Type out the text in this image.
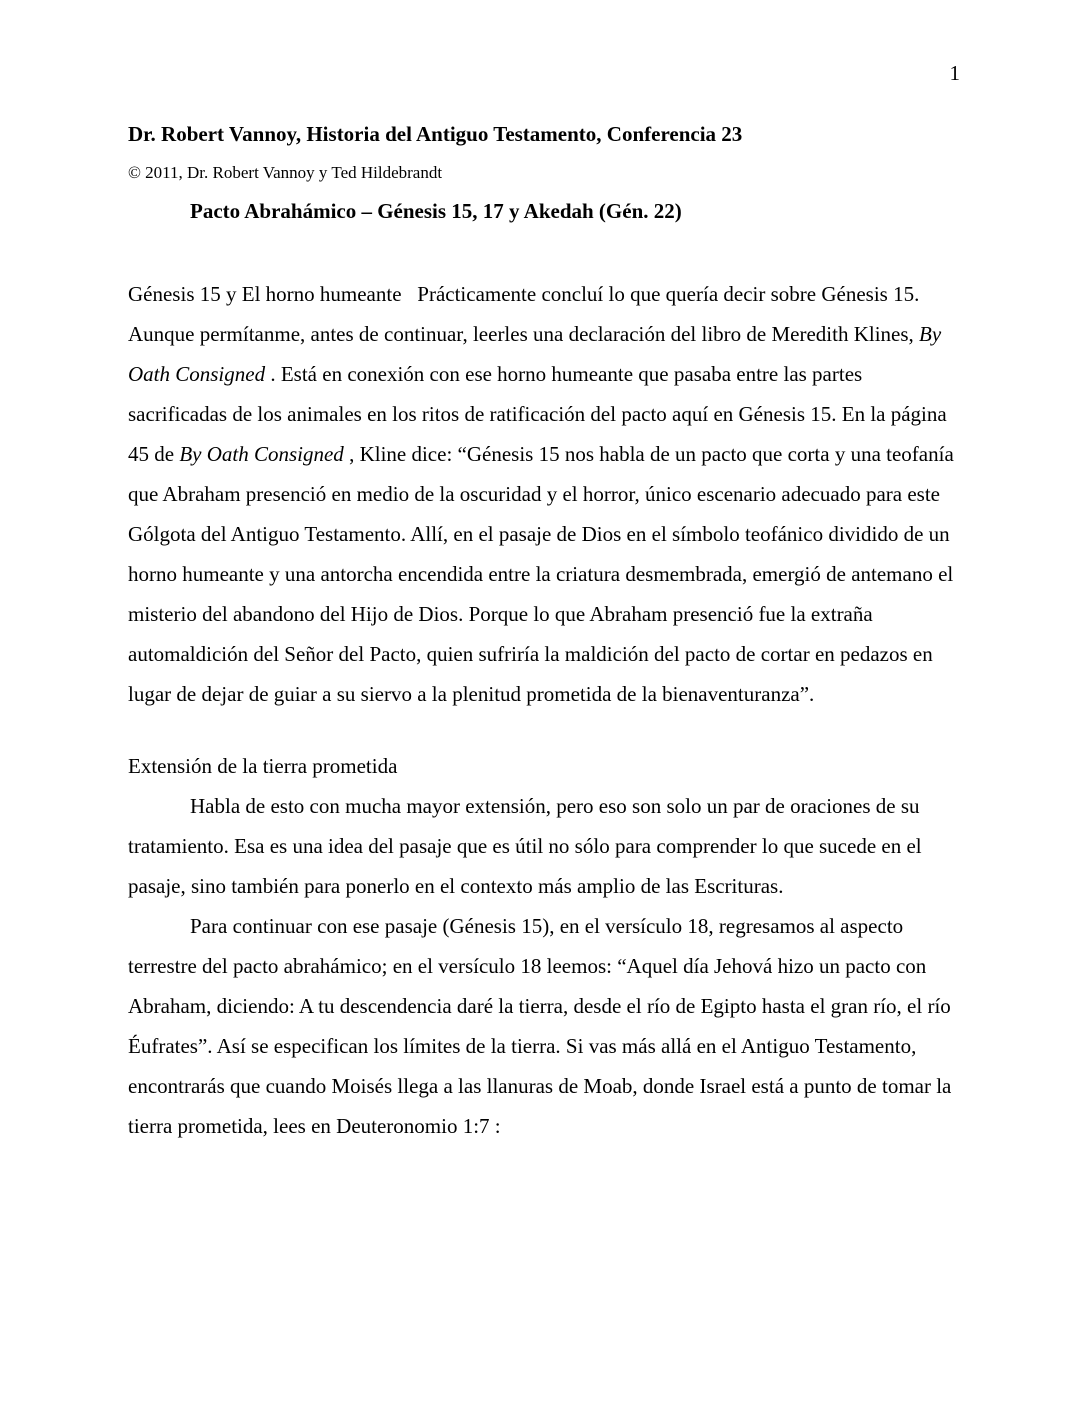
1
Dr. Robert Vannoy, Historia del Antiguo Testamento, Conferencia 23
© 2011, Dr. Robert Vannoy y Ted Hildebrandt
Pacto Abrahámico – Génesis 15, 17 y Akedah (Gén. 22)

Génesis 15 y El horno humeante   Prácticamente concluí lo que quería decir sobre Génesis 15. Aunque permítanme, antes de continuar, leerles una declaración del libro de Meredith Klines, By Oath Consigned . Está en conexión con ese horno humeante que pasaba entre las partes sacrificadas de los animales en los ritos de ratificación del pacto aquí en Génesis 15. En la página 45 de By Oath Consigned , Kline dice: “Génesis 15 nos habla de un pacto que corta y una teofanía que Abraham presenció en medio de la oscuridad y el horror, único escenario adecuado para este Gólgota del Antiguo Testamento. Allí, en el pasaje de Dios en el símbolo teofánico dividido de un horno humeante y una antorcha encendida entre la criatura desmembrada, emergió de antemano el misterio del abandono del Hijo de Dios. Porque lo que Abraham presenció fue la extraña automaldición del Señor del Pacto, quien sufriría la maldición del pacto de cortar en pedazos en lugar de dejar de guiar a su siervo a la plenitud prometida de la bienaventuranza”.

Extensión de la tierra prometida

Habla de esto con mucha mayor extensión, pero eso son solo un par de oraciones de su tratamiento. Esa es una idea del pasaje que es útil no sólo para comprender lo que sucede en el pasaje, sino también para ponerlo en el contexto más amplio de las Escrituras.

Para continuar con ese pasaje (Génesis 15), en el versículo 18, regresamos al aspecto terrestre del pacto abrahámico; en el versículo 18 leemos: “Aquel día Jehová hizo un pacto con Abraham, diciendo: A tu descendencia daré la tierra, desde el río de Egipto hasta el gran río, el río Éufrates”. Así se especifican los límites de la tierra. Si vas más allá en el Antiguo Testamento, encontrarás que cuando Moisés llega a las llanuras de Moab, donde Israel está a punto de tomar la tierra prometida, lees en Deuteronomio 1:7 :
